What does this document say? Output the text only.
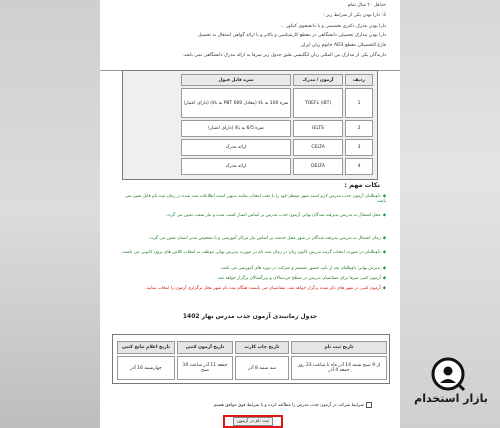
حداقل ۲۰ سال تمام
2- دارا بودن یکی از شرایط زیر :
دارا بودن مدرک دکتری تخصصی و یا دانشجوی کنکور ...
دارا بودن مدارک تحصیلی دانشگاهی در مقطع کارشناسی و بالاتر و یا ارائه گواهی اشتغال به تحصیل
فارغ التحصیلان مقطع AD3 خانوم زبان ایران
دارندگان یکی از مدارک بین المللی زبان انگلیسی طبق جدول زیر صرفا به ارائه مدرک دانشگاهی نمی باشد.
ردیف
آزمون / مدرک
نمره قابل قبول
1
TOEFL (iBT)
نمره 100 به بالا (معادل 600 PBT به بالا) (دارای اعتبار)
2
IELTS
نمره 6/5 به بالا (دارای اعتبار)
3
CELTA
ارائه مدرک
4
DELTA
ارائه مدرک
نکات مهم :
◆داوطلبان آزمون جذب مدرس لازم است شهر منتظر خود را با دقت انتخاب نمایند بدیهی است اطلاعات ثبت شده در زمان ثبت نام قابل تغییر نمی باشد.
◆محل اشتغال به تدریس پذیرفته شدگان نهایی آزمون جذب مدرس بر اساس امتیاز کسب شده و نیاز شعب تعیین می گردد.
◆زمان اشتغال به تدریس پذیرفته شدگان در شهر محل خدمت بر اساس نیاز مراکز آموزشی و با تشخیص مدیر استان تعیین می گردد.
◆داوطلبان در صورت انتخاب گزینه تدریس کانون زبان در زمان ثبت نام در صورت پذیرش نهایی موظف به انتخاب کلاس های برون کانونی می باشند.
◆پذیرش نهایی داوطلبان بعد از تایید حضور مستمر و شرکت در دوره های آموزشی می باشد.
◆آزمون کتبی صرفا برای متقاضیان تدریس در سطح خردسالان و بزرگسالان برگزار خواهد شد.
◆آزمون کتبی در شهر های ذکر شده برگزار خواهد شد. متقاضیان می بایست هنگام ثبت نام شهر محل برگزاری آزمون را انتخاب نمایند.
جدول زمانبندی آزمون جذب مدرس بهار 1402
تاریخ ثبت نام
تاریخ چاپ کارت
تاریخ آزمون کتبی
تاریخ اعلام نتایج کتبی
از 9 صبح شنبه 14 آذر ماه تا ساعت 23 روز جمعه 4 آذر
سه شنبه 8 آذر
جمعه 11 آذر ساعت 10 صبح
چهارشنبه 16 آذر
شرایط شرکت در آزمون جذب مدرس را مطالعه کرده و با شرایط فوق موافق هستم
ثبت نام در آزمون
بازار استخدام
